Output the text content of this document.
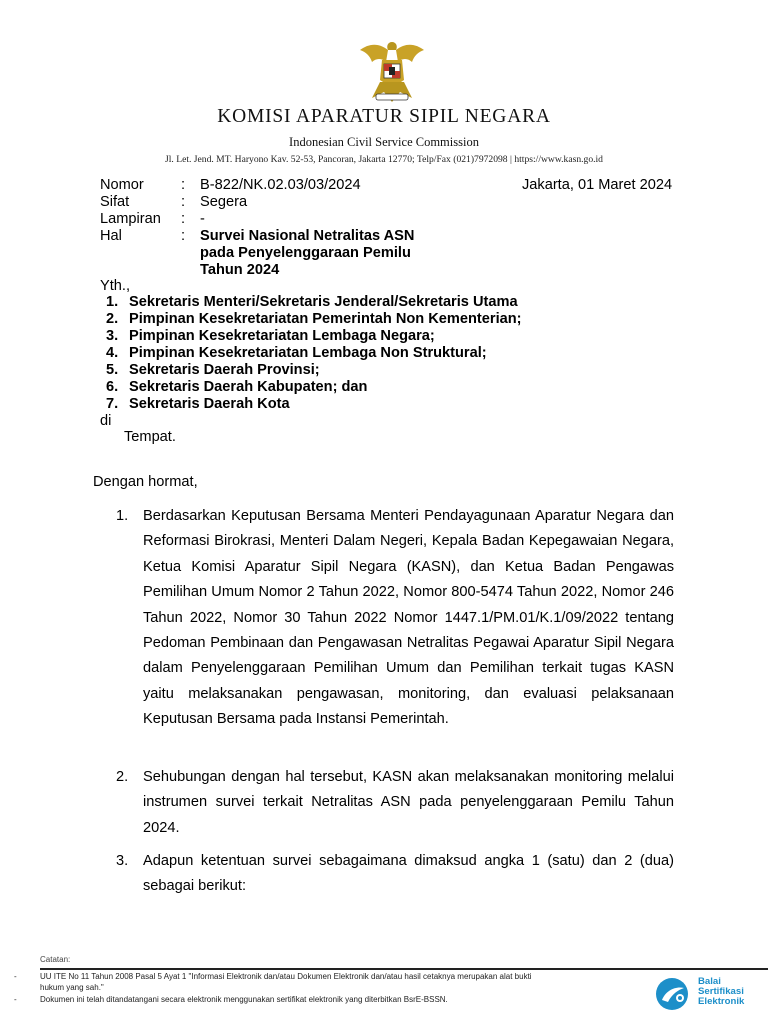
KOMISI APARATUR SIPIL NEGARA
Indonesian Civil Service Commission
Jl. Let. Jend. MT. Haryono Kav. 52-53, Pancoran, Jakarta 12770; Telp/Fax (021)7972098 | https://www.kasn.go.id
Nomor	:	B-822/NK.02.03/03/2024
Sifat	:	Segera
Lampiran	:	-
Hal	:	Survei Nasional Netralitas ASN
pada Penyelenggaraan Pemilu
Tahun 2024
Jakarta, 01 Maret 2024
Yth.,
1. Sekretaris Menteri/Sekretaris Jenderal/Sekretaris Utama
2. Pimpinan Kesekretariatan Pemerintah Non Kementerian;
3. Pimpinan Kesekretariatan Lembaga Negara;
4. Pimpinan Kesekretariatan Lembaga Non Struktural;
5. Sekretaris Daerah Provinsi;
6. Sekretaris Daerah Kabupaten; dan
7. Sekretaris Daerah Kota
di
Tempat.
Dengan hormat,
1. Berdasarkan Keputusan Bersama Menteri Pendayagunaan Aparatur Negara dan Reformasi Birokrasi, Menteri Dalam Negeri, Kepala Badan Kepegawaian Negara, Ketua Komisi Aparatur Sipil Negara (KASN), dan Ketua Badan Pengawas Pemilihan Umum Nomor 2 Tahun 2022, Nomor 800-5474 Tahun 2022, Nomor 246 Tahun 2022, Nomor 30 Tahun 2022 Nomor 1447.1/PM.01/K.1/09/2022 tentang Pedoman Pembinaan dan Pengawasan Netralitas Pegawai Aparatur Sipil Negara dalam Penyelenggaraan Pemilihan Umum dan Pemilihan terkait tugas KASN yaitu melaksanakan pengawasan, monitoring, dan evaluasi pelaksanaan Keputusan Bersama pada Instansi Pemerintah.
2. Sehubungan dengan hal tersebut, KASN akan melaksanakan monitoring melalui instrumen survei terkait Netralitas ASN pada penyelenggaraan Pemilu Tahun 2024.
3. Adapun ketentuan survei sebagaimana dimaksud angka 1 (satu) dan 2 (dua) sebagai berikut:
Catatan:
-	UU ITE No 11 Tahun 2008 Pasal 5 Ayat 1 "Informasi Elektronik dan/atau Dokumen Elektronik dan/atau hasil cetaknya merupakan alat bukti
hukum yang sah."
-	Dokumen ini telah ditandatangani secara elektronik menggunakan sertifikat elektronik yang diterbitkan BsrE-BSSN.
Balai
Sertifikasi
Elektronik
